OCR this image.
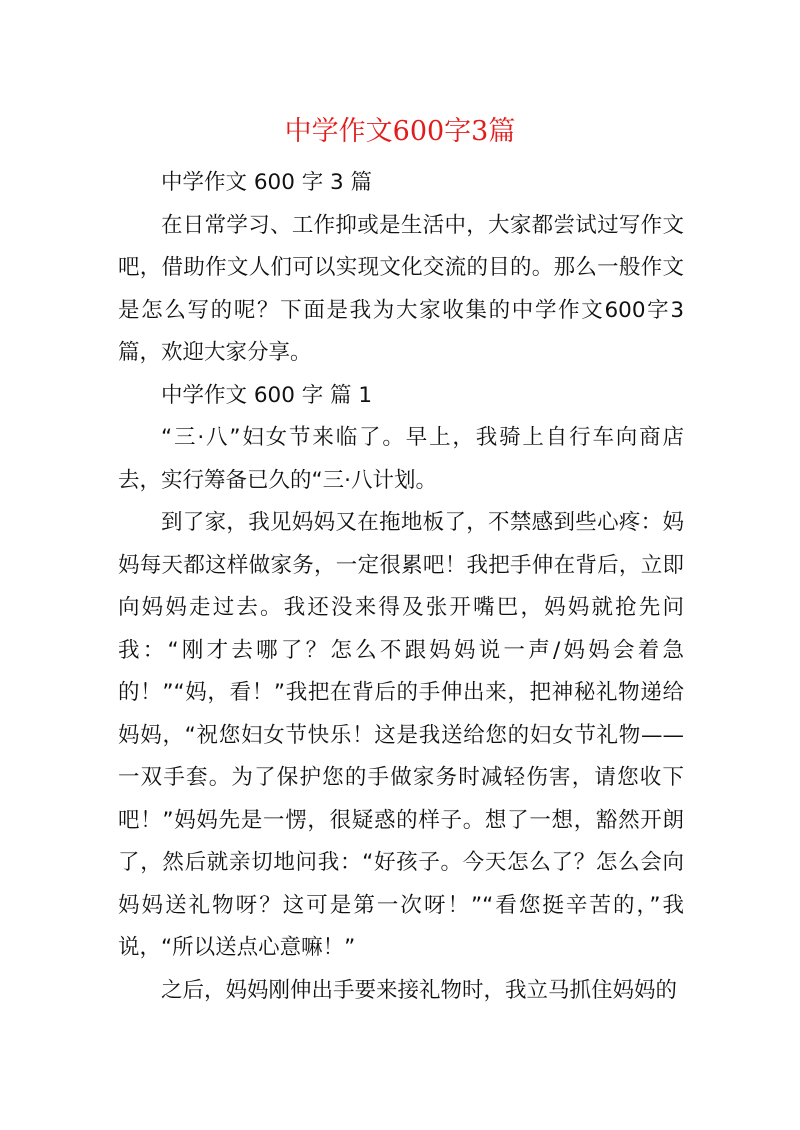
中学作文600字3篇

中学作文 600 字 3 篇

在日常学习、工作抑或是生活中，大家都尝试过写作文吧，借助作文人们可以实现文化交流的目的。那么一般作文是怎么写的呢？下面是我为大家收集的中学作文600字3篇，欢迎大家分享。

中学作文 600 字 篇 1

“三·八”妇女节来临了。早上，我骑上自行车向商店去，实行筹备已久的“三·八计划。

到了家，我见妈妈又在拖地板了，不禁感到些心疼：妈妈每天都这样做家务，一定很累吧！我把手伸在背后，立即向妈妈走过去。我还没来得及张开嘴巴，妈妈就抢先问我：“刚才去哪了？怎么不跟妈妈说一声/妈妈会着急的！”“妈，看！”我把在背后的手伸出来，把神秘礼物递给妈妈，“祝您妇女节快乐！这是我送给您的妇女节礼物——一双手套。为了保护您的手做家务时减轻伤害，请您收下吧！”妈妈先是一愣，很疑惑的样子。想了一想，豁然开朗了，然后就亲切地问我：“好孩子。今天怎么了？怎么会向妈妈送礼物呀？这可是第一次呀！”“看您挺辛苦的，”我说，“所以送点心意嘛！”

之后，妈妈刚伸出手要来接礼物时，我立马抓住妈妈的
